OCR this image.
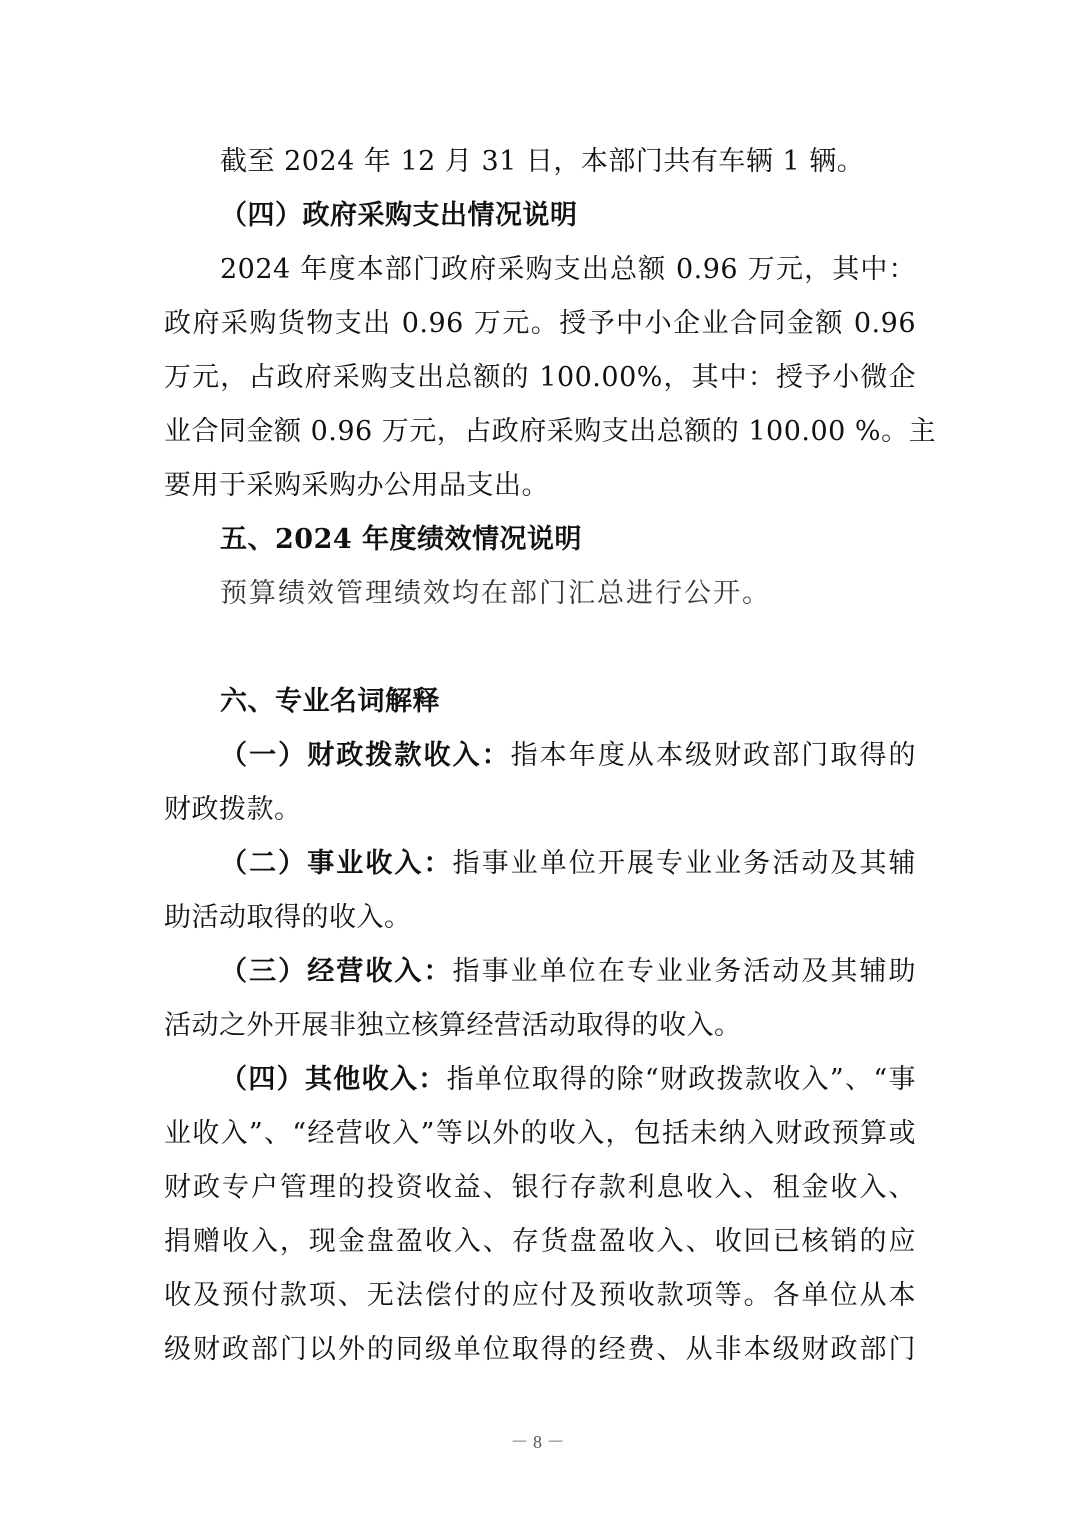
截至 2024 年 12 月 31 日，本部门共有车辆 1 辆。
（四）政府采购支出情况说明
2024 年度本部门政府采购支出总额 0.96 万元，其中：
政府采购货物支出 0.96 万元。授予中小企业合同金额 0.96
万元，占政府采购支出总额的 100.00%，其中：授予小微企
业合同金额 0.96 万元，占政府采购支出总额的 100.00 %。主
要用于采购采购办公用品支出。
五、2024 年度绩效情况说明
预算绩效管理绩效均在部门汇总进行公开。
六、专业名词解释
（一）财政拨款收入：指本年度从本级财政部门取得的
财政拨款。
（二）事业收入：指事业单位开展专业业务活动及其辅
助活动取得的收入。
（三）经营收入：指事业单位在专业业务活动及其辅助
活动之外开展非独立核算经营活动取得的收入。
（四）其他收入：指单位取得的除“财政拨款收入”、“事
业收入”、“经营收入”等以外的收入，包括未纳入财政预算或
财政专户管理的投资收益、银行存款利息收入、租金收入、
捐赠收入，现金盘盈收入、存货盘盈收入、收回已核销的应
收及预付款项、无法偿付的应付及预收款项等。各单位从本
级财政部门以外的同级单位取得的经费、从非本级财政部门
－ 8 －
